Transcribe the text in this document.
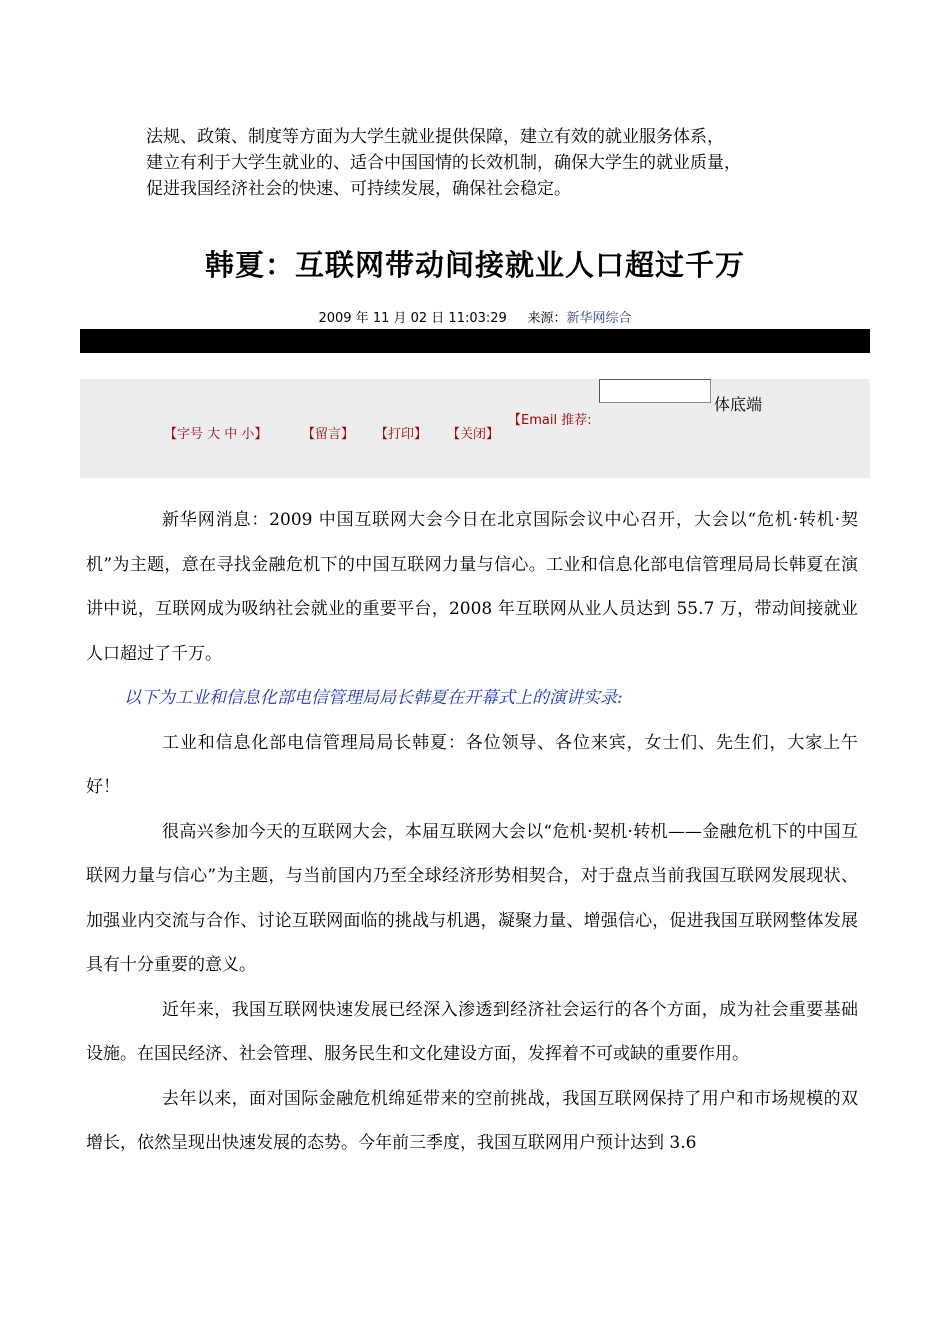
法规、政策、制度等方面为大学生就业提供保障，建立有效的就业服务体系，

建立有利于大学生就业的、适合中国国情的长效机制，确保大学生的就业质量，

促进我国经济社会的快速、可持续发展，确保社会稳定。

韩夏：互联网带动间接就业人口超过千万
2009 年 11 月 02 日 11:03:29 来源：新华网综合
【字号 大 中 小】	【留言】 【打印】 【关闭】
【Email 推荐:
体底端

新华网消息：2009 中国互联网大会今日在北京国际会议中心召开，大会以“危机·转机·契机”为主题，意在寻找金融危机下的中国互联网力量与信心。工业和信息化部电信管理局局长韩夏在演讲中说，互联网成为吸纳社会就业的重要平台，2008 年互联网从业人员达到 55.7 万，带动间接就业人口超过了千万。

以下为工业和信息化部电信管理局局长韩夏在开幕式上的演讲实录:

工业和信息化部电信管理局局长韩夏：各位领导、各位来宾，女士们、先生们，大家上午好！

很高兴参加今天的互联网大会，本届互联网大会以“危机·契机·转机——金融危机下的中国互联网力量与信心”为主题，与当前国内乃至全球经济形势相契合，对于盘点当前我国互联网发展现状、加强业内交流与合作、讨论互联网面临的挑战与机遇，凝聚力量、增强信心，促进我国互联网整体发展具有十分重要的意义。

近年来，我国互联网快速发展已经深入渗透到经济社会运行的各个方面，成为社会重要基础设施。在国民经济、社会管理、服务民生和文化建设方面，发挥着不可或缺的重要作用。

去年以来，面对国际金融危机绵延带来的空前挑战，我国互联网保持了用户和市场规模的双增长，依然呈现出快速发展的态势。今年前三季度，我国互联网用户预计达到 3.6
